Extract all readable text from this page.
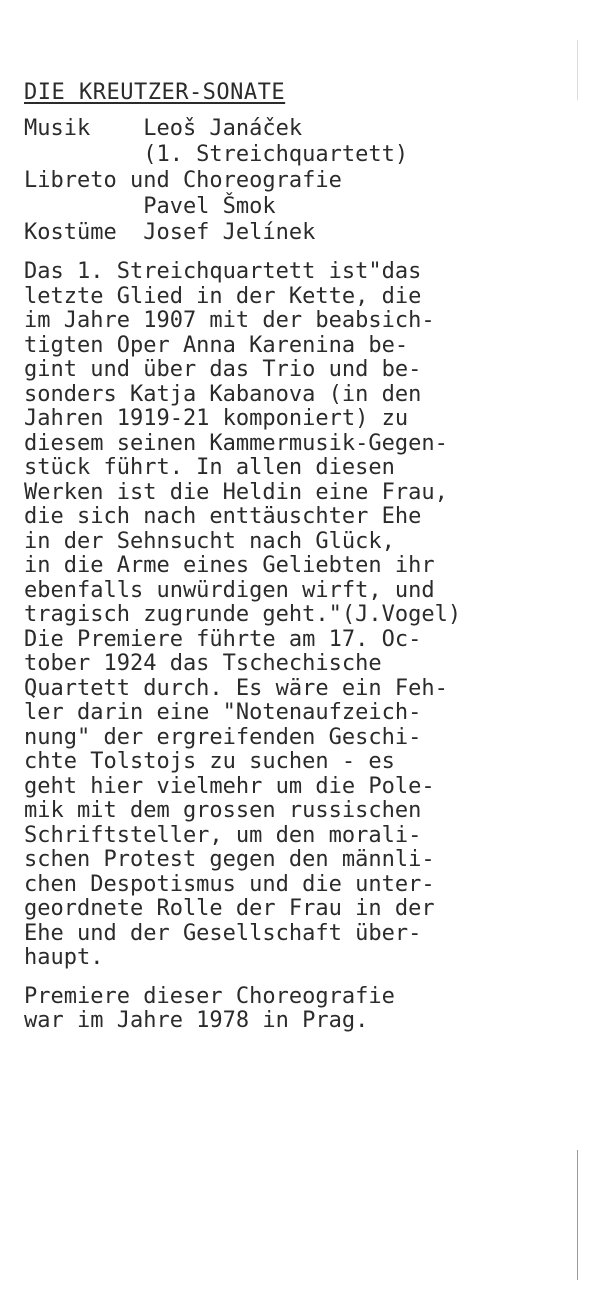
DIE KREUTZER-SONATE
Musik    Leoš Janáček
(1. Streichquartett)
Libreto und Choreografie
Pavel Šmok
Kostüme  Josef Jelínek
Das 1. Streichquartett ist"das
letzte Glied in der Kette, die
im Jahre 1907 mit der beabsich-
tigten Oper Anna Karenina be-
gint und über das Trio und be-
sonders Katja Kabanova (in den
Jahren 1919-21 komponiert) zu
diesem seinen Kammermusik-Gegen-
stück führt. In allen diesen
Werken ist die Heldin eine Frau,
die sich nach enttäuschter Ehe
in der Sehnsucht nach Glück,
in die Arme eines Geliebten ihr
ebenfalls unwürdigen wirft, und
tragisch zugrunde geht."(J.Vogel)
Die Premiere führte am 17. Oc-
tober 1924 das Tschechische
Quartett durch. Es wäre ein Feh-
ler darin eine "Notenaufzeich-
nung" der ergreifenden Geschi-
chte Tolstojs zu suchen - es
geht hier vielmehr um die Pole-
mik mit dem grossen russischen
Schriftsteller, um den morali-
schen Protest gegen den männli-
chen Despotismus und die unter-
geordnete Rolle der Frau in der
Ehe und der Gesellschaft über-
haupt.
Premiere dieser Choreografie
war im Jahre 1978 in Prag.
